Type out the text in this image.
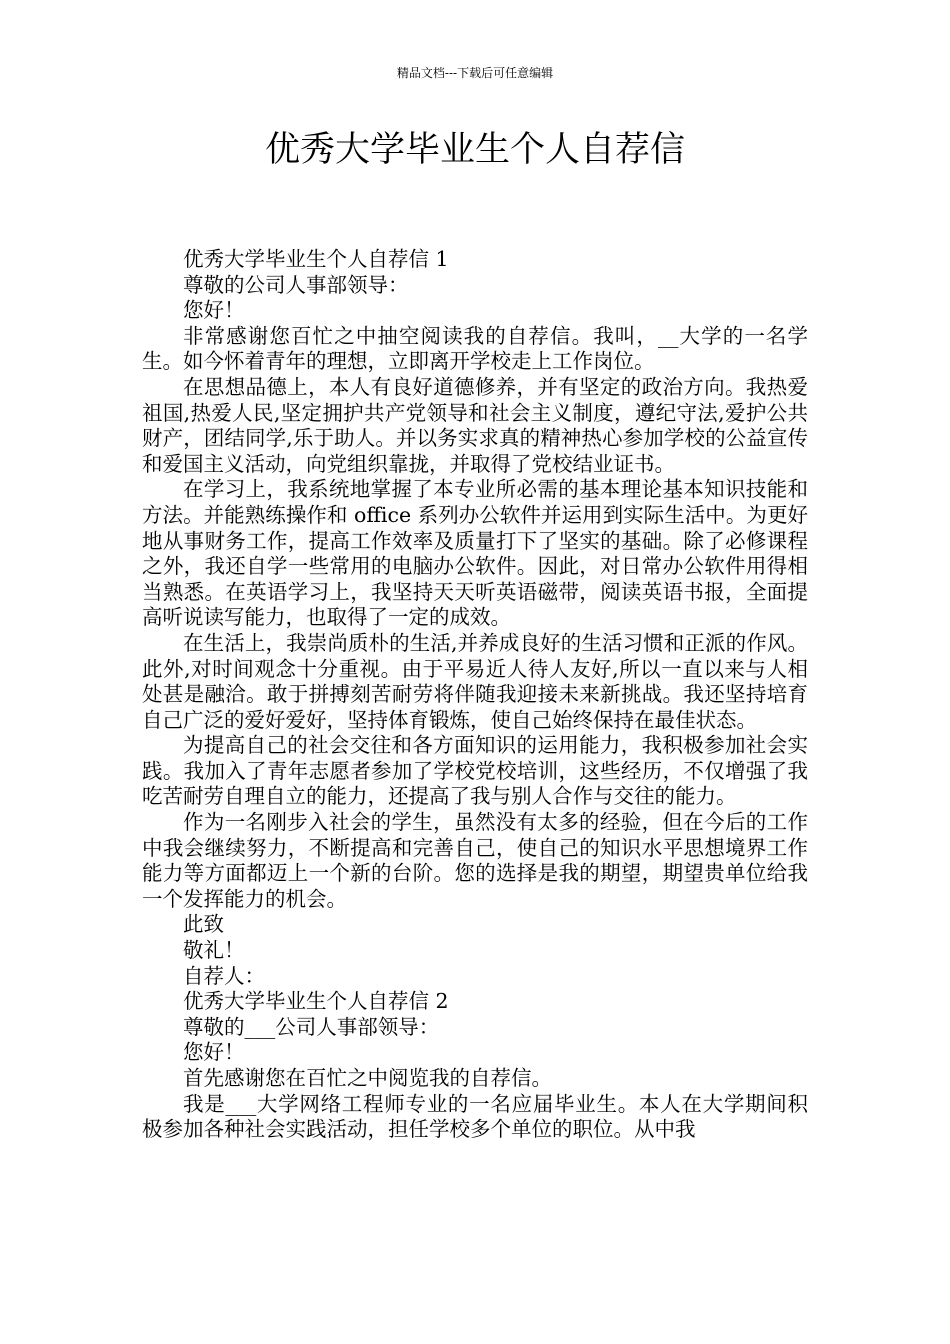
精品文档---下载后可任意编辑
优秀大学毕业生个人自荐信

优秀大学毕业生个人自荐信 1

尊敬的公司人事部领导：

您好！

非常感谢您百忙之中抽空阅读我的自荐信。我叫，__大学的一名学生。如今怀着青年的理想，立即离开学校走上工作岗位。

在思想品德上，本人有良好道德修养，并有坚定的政治方向。我热爱祖国,热爱人民,坚定拥护共产党领导和社会主义制度，遵纪守法,爱护公共财产，团结同学,乐于助人。并以务实求真的精神热心参加学校的公益宣传和爱国主义活动，向党组织靠拢，并取得了党校结业证书。

在学习上，我系统地掌握了本专业所必需的基本理论基本知识技能和方法。并能熟练操作和 office 系列办公软件并运用到实际生活中。为更好地从事财务工作，提高工作效率及质量打下了坚实的基础。除了必修课程之外，我还自学一些常用的电脑办公软件。因此，对日常办公软件用得相当熟悉。在英语学习上，我坚持天天听英语磁带，阅读英语书报，全面提高听说读写能力，也取得了一定的成效。

在生活上，我崇尚质朴的生活,并养成良好的生活习惯和正派的作风。此外,对时间观念十分重视。由于平易近人待人友好,所以一直以来与人相处甚是融洽。敢于拼搏刻苦耐劳将伴随我迎接未来新挑战。我还坚持培育自己广泛的爱好爱好，坚持体育锻炼，使自己始终保持在最佳状态。

为提高自己的社会交往和各方面知识的运用能力，我积极参加社会实践。我加入了青年志愿者参加了学校党校培训，这些经历，不仅增强了我吃苦耐劳自理自立的能力，还提高了我与别人合作与交往的能力。

作为一名刚步入社会的学生，虽然没有太多的经验，但在今后的工作中我会继续努力，不断提高和完善自己，使自己的知识水平思想境界工作能力等方面都迈上一个新的台阶。您的选择是我的期望，期望贵单位给我一个发挥能力的机会。

此致

敬礼！

自荐人：

优秀大学毕业生个人自荐信 2

尊敬的___公司人事部领导：

您好！

首先感谢您在百忙之中阅览我的自荐信。

我是___大学网络工程师专业的一名应届毕业生。本人在大学期间积极参加各种社会实践活动，担任学校多个单位的职位。从中我
